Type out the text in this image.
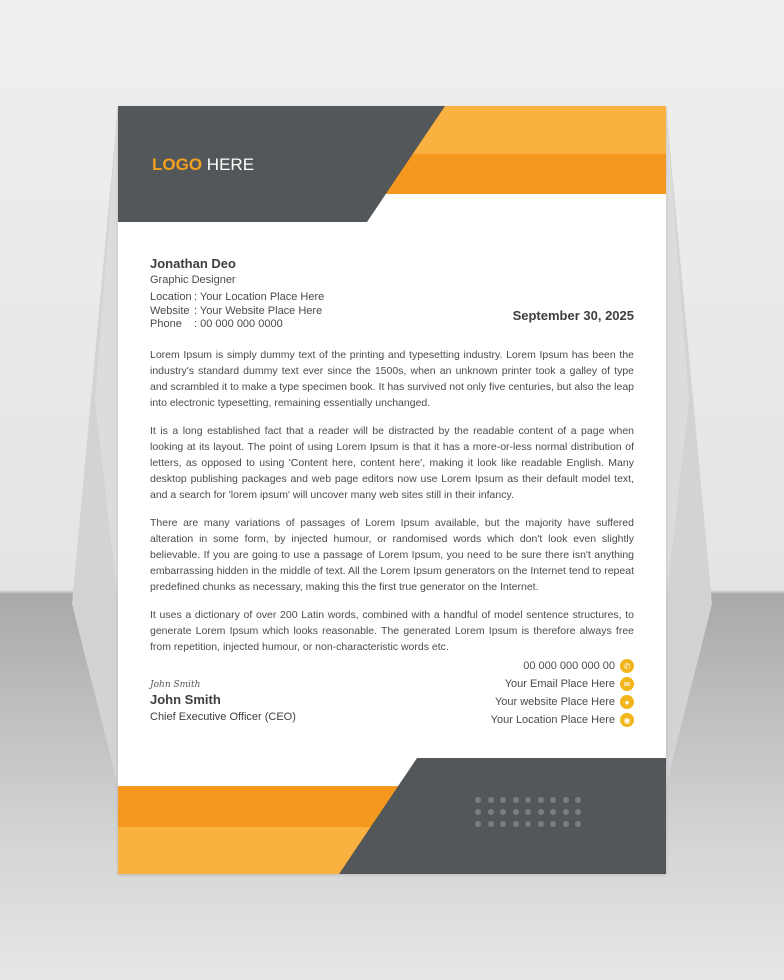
LOGO HERE
Jonathan Deo
Graphic Designer
Location : Your Location Place Here
Website : Your Website Place Here
Phone	: 00 000 000 0000
September 30, 2025

Lorem Ipsum is simply dummy text of the printing and typesetting industry. Lorem Ipsum has been the industry's standard dummy text ever since the 1500s, when an unknown printer took a galley of type and scrambled it to make a type specimen book. It has survived not only five centuries, but also the leap into electronic typesetting, remaining essentially unchanged.

It is a long established fact that a reader will be distracted by the readable content of a page when looking at its layout. The point of using Lorem Ipsum is that it has a more-or-less normal distribution of letters, as opposed to using 'Content here, content here', making it look like readable English. Many desktop publishing packages and web page editors now use Lorem Ipsum as their default model text, and a search for 'lorem ipsum' will uncover many web sites still in their infancy.

There are many variations of passages of Lorem Ipsum available, but the majority have suffered alteration in some form, by injected humour, or randomised words which don't look even slightly believable. If you are going to use a passage of Lorem Ipsum, you need to be sure there isn't anything embarrassing hidden in the middle of text. All the Lorem Ipsum generators on the Internet tend to repeat predefined chunks as necessary, making this the first true generator on the Internet.

It uses a dictionary of over 200 Latin words, combined with a handful of model sentence structures, to generate Lorem Ipsum which looks reasonable. The generated Lorem Ipsum is therefore always free from repetition, injected humour, or non-characteristic words etc.

John Smith
John Smith
Chief Executive Officer (CEO)
00 000 000 000 00	✆
Your Email Place Here	✉
Your website Place Here	●
Your Location Place Here	◉
